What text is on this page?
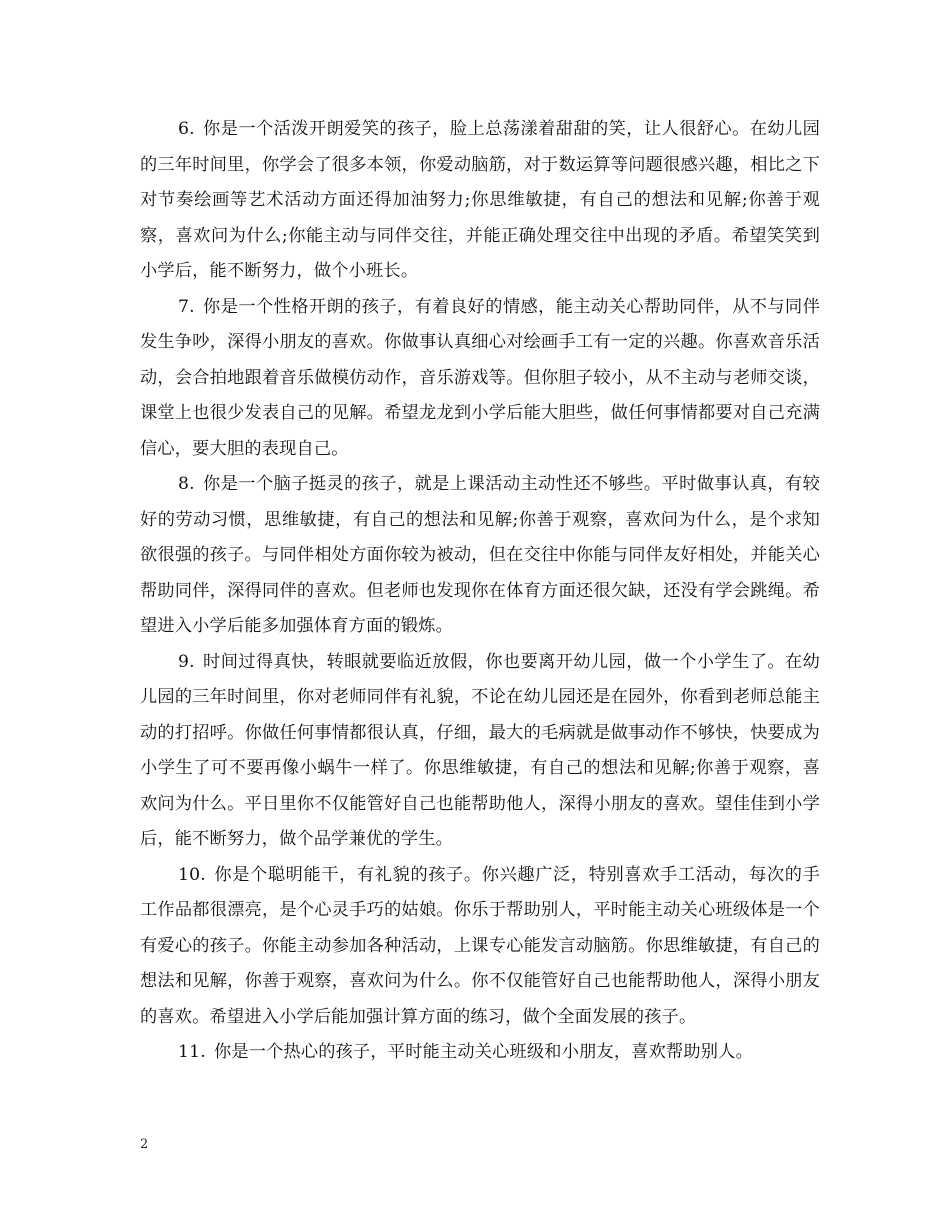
6. 你是一个活泼开朗爱笑的孩子，脸上总荡漾着甜甜的笑，让人很舒心。在幼儿园的三年时间里，你学会了很多本领，你爱动脑筋，对于数运算等问题很感兴趣，相比之下对节奏绘画等艺术活动方面还得加油努力;你思维敏捷，有自己的想法和见解;你善于观察，喜欢问为什么;你能主动与同伴交往，并能正确处理交往中出现的矛盾。希望笑笑到小学后，能不断努力，做个小班长。

7. 你是一个性格开朗的孩子，有着良好的情感，能主动关心帮助同伴，从不与同伴发生争吵，深得小朋友的喜欢。你做事认真细心对绘画手工有一定的兴趣。你喜欢音乐活动，会合拍地跟着音乐做模仿动作，音乐游戏等。但你胆子较小，从不主动与老师交谈，课堂上也很少发表自己的见解。希望龙龙到小学后能大胆些，做任何事情都要对自己充满信心，要大胆的表现自己。

8. 你是一个脑子挺灵的孩子，就是上课活动主动性还不够些。平时做事认真，有较好的劳动习惯，思维敏捷，有自己的想法和见解;你善于观察，喜欢问为什么，是个求知欲很强的孩子。与同伴相处方面你较为被动，但在交往中你能与同伴友好相处，并能关心帮助同伴，深得同伴的喜欢。但老师也发现你在体育方面还很欠缺，还没有学会跳绳。希望进入小学后能多加强体育方面的锻炼。

9. 时间过得真快，转眼就要临近放假，你也要离开幼儿园，做一个小学生了。在幼儿园的三年时间里，你对老师同伴有礼貌，不论在幼儿园还是在园外，你看到老师总能主动的打招呼。你做任何事情都很认真，仔细，最大的毛病就是做事动作不够快，快要成为小学生了可不要再像小蜗牛一样了。你思维敏捷，有自己的想法和见解;你善于观察，喜欢问为什么。平日里你不仅能管好自己也能帮助他人，深得小朋友的喜欢。望佳佳到小学后，能不断努力，做个品学兼优的学生。

10. 你是个聪明能干，有礼貌的孩子。你兴趣广泛，特别喜欢手工活动，每次的手工作品都很漂亮，是个心灵手巧的姑娘。你乐于帮助别人，平时能主动关心班级体是一个有爱心的孩子。你能主动参加各种活动，上课专心能发言动脑筋。你思维敏捷，有自己的想法和见解，你善于观察，喜欢问为什么。你不仅能管好自己也能帮助他人，深得小朋友的喜欢。希望进入小学后能加强计算方面的练习，做个全面发展的孩子。

11. 你是一个热心的孩子，平时能主动关心班级和小朋友，喜欢帮助别人。

2
